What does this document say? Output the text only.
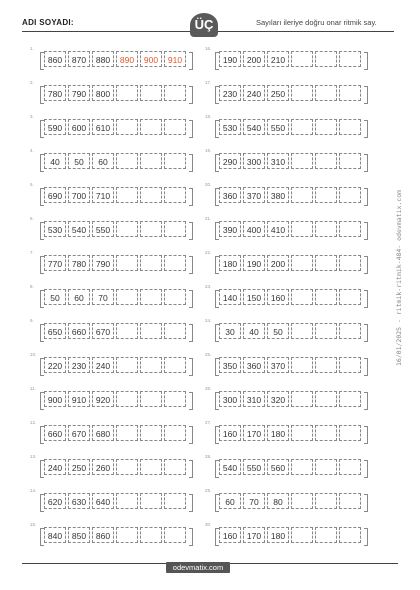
ADI SOYADI:	ÜÇ	Sayıları ileriye doğru onar ritmik say.
1.
860	870	880	890	900	910
2.
780	790	800
3.
590	600	610
4.
40	50	60
5.
690	700	710
6.
530	540	550
7.
770	780	790
8.
50	60	70
9.
650	660	670
10.
220	230	240
11.
900	910	920
12.
660	670	680
13.
240	250	260
14.
620	630	640
15.
840	850	860
16.
190	200	210
17.
230	240	250
18.
530	540	550
19.
290	300	310
20.
360	370	380
21.
390	400	410
22.
180	190	200
23.
140	150	160
24.
30	40	50
25.
350	360	370
26.
300	310	320
27.
160	170	180
28.
540	550	560
29.
60	70	80
30.
160	170	180
odevmatix.com
16/01/2025 - ritmik-ritmik-484- odevmatix.com
